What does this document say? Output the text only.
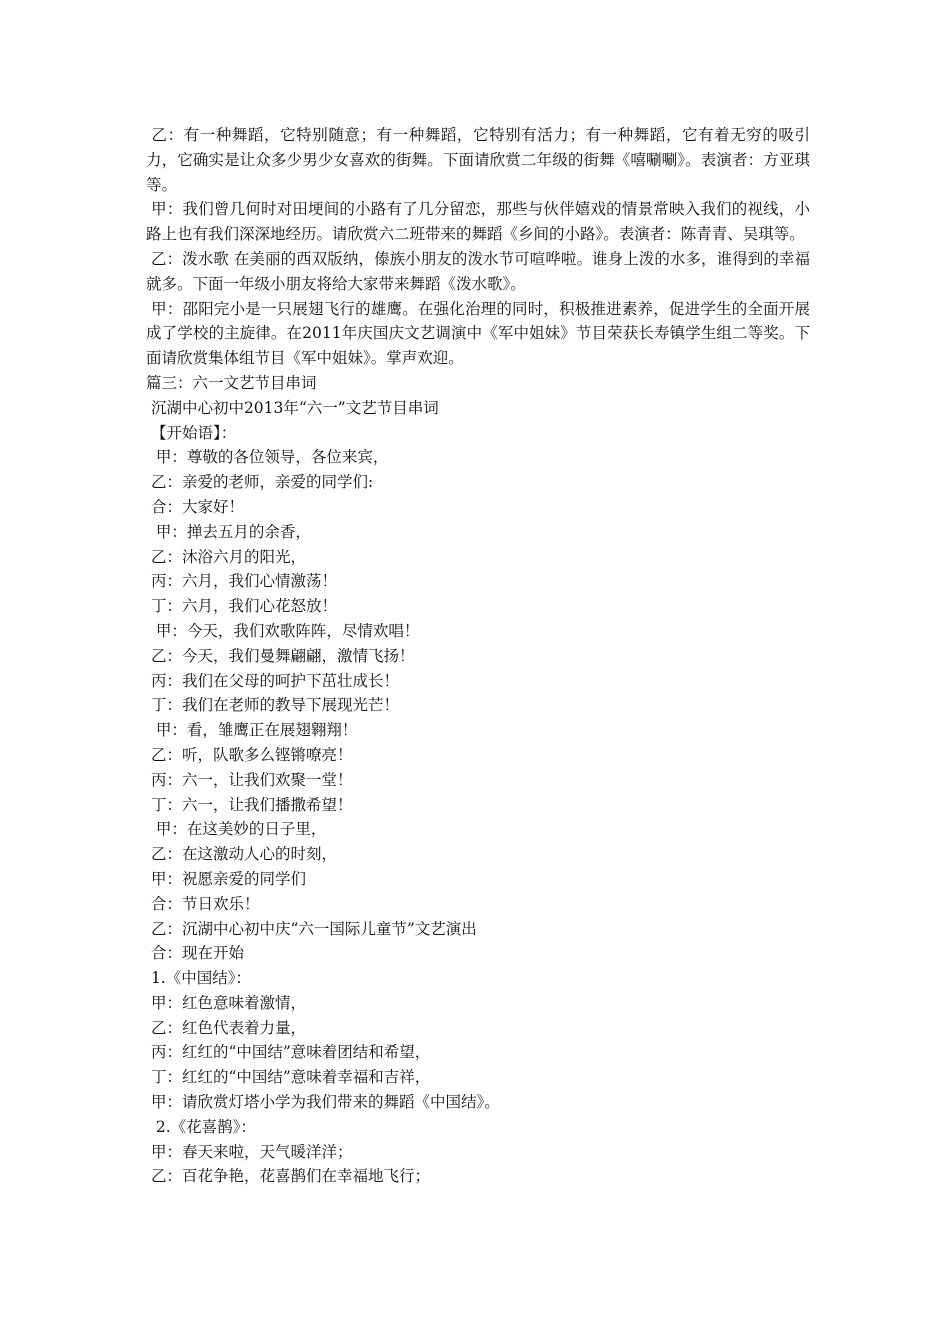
乙：有一种舞蹈，它特别随意；有一种舞蹈，它特别有活力；有一种舞蹈，它有着无穷的吸引力，它确实是让众多少男少女喜欢的街舞。下面请欣赏二年级的街舞《嘻唰唰》。表演者：方亚琪等。

甲：我们曾几何时对田埂间的小路有了几分留恋，那些与伙伴嬉戏的情景常映入我们的视线，小路上也有我们深深地经历。请欣赏六二班带来的舞蹈《乡间的小路》。表演者：陈青青、吴琪等。

乙：泼水歌 在美丽的西双版纳，傣族小朋友的泼水节可喧哗啦。谁身上泼的水多，谁得到的幸福就多。下面一年级小朋友将给大家带来舞蹈《泼水歌》。

甲：邵阳完小是一只展翅飞行的雄鹰。在强化治理的同时，积极推进素养，促进学生的全面开展成了学校的主旋律。在2011年庆国庆文艺调演中《军中姐妹》节目荣获长寿镇学生组二等奖。下面请欣赏集体组节目《军中姐妹》。掌声欢迎。

篇三：六一文艺节目串词

沉湖中心初中2013年“六一”文艺节目串词

【开始语】：

甲：尊敬的各位领导，各位来宾，

乙：亲爱的老师，亲爱的同学们:

合：大家好！

甲：掸去五月的余香，

乙：沐浴六月的阳光，

丙：六月，我们心情激荡！

丁：六月，我们心花怒放！

甲：今天，我们欢歌阵阵，尽情欢唱！

乙：今天，我们曼舞翩翩，激情飞扬！

丙：我们在父母的呵护下茁壮成长！

丁：我们在老师的教导下展现光芒！

甲：看，雏鹰正在展翅翱翔！

乙：听，队歌多么铿锵嘹亮！

丙：六一，让我们欢聚一堂！

丁：六一，让我们播撒希望！

甲：在这美妙的日子里，

乙：在这激动人心的时刻，

甲：祝愿亲爱的同学们

合：节日欢乐！

乙：沉湖中心初中庆“六一国际儿童节”文艺演出

合：现在开始

1.《中国结》：

甲：红色意味着激情，

乙：红色代表着力量，

丙：红红的“中国结”意味着团结和希望，

丁：红红的“中国结”意味着幸福和吉祥，

甲：请欣赏灯塔小学为我们带来的舞蹈《中国结》。

2.《花喜鹊》：

甲：春天来啦，天气暖洋洋；

乙：百花争艳，花喜鹊们在幸福地飞行；
